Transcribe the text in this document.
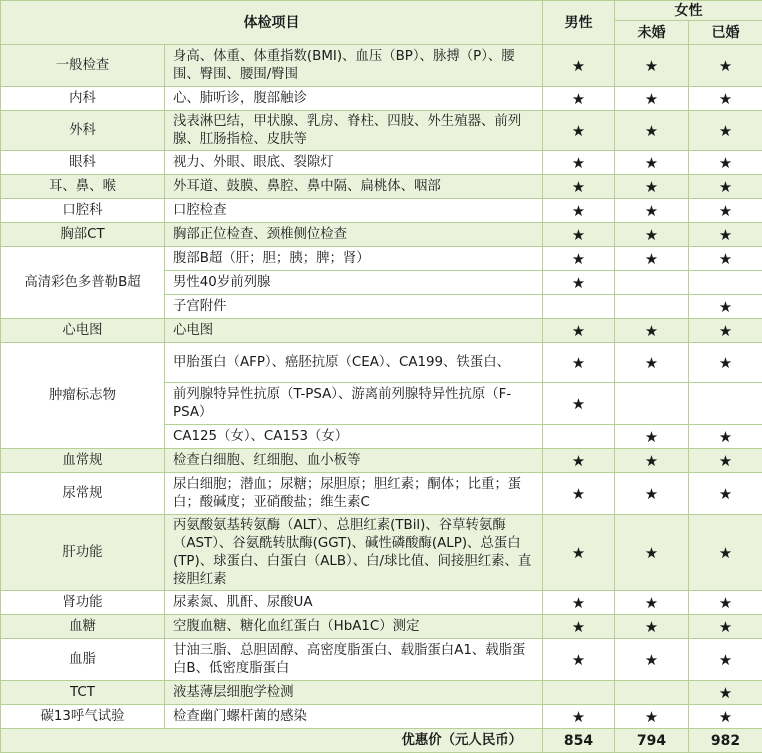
体检项目		男性	女性	
			未婚	已婚
一般检查	身高、体重、体重指数(BMI)、血压（BP）、脉搏（P）、腰围、臀围、腰围/臀围	★	★	★
内科	心、肺听诊，腹部触诊	★	★	★
外科	浅表淋巴结，甲状腺、乳房、脊柱、四肢、外生殖器、前列腺、肛肠指检、皮肤等	★	★	★
眼科	视力、外眼、眼底、裂隙灯	★	★	★
耳、鼻、喉	外耳道、鼓膜、鼻腔、鼻中隔、扁桃体、咽部	★	★	★
口腔科	口腔检查	★	★	★
胸部CT	胸部正位检查、颈椎侧位检查	★	★	★
高清彩色多普勒B超	腹部B超（肝；胆；胰；脾；肾）	★	★	★
	男性40岁前列腺	★		
	子宫附件			★
心电图	心电图	★	★	★
肿瘤标志物	甲胎蛋白（AFP）、癌胚抗原（CEA）、CA199、铁蛋白、	★	★	★
	前列腺特异性抗原（T-PSA）、游离前列腺特异性抗原（F-PSA）	★		
	CA125（女）、CA153（女）		★	★
血常规	检查白细胞、红细胞、血小板等	★	★	★
尿常规	尿白细胞；潜血；尿糖；尿胆原；胆红素；酮体；比重；蛋白；酸碱度；亚硝酸盐；维生素C	★	★	★
肝功能	丙氨酸氨基转氨酶（ALT）、总胆红素(TBil)、谷草转氨酶（AST）、谷氨酰转肽酶(GGT)、碱性磷酸酶(ALP)、总蛋白(TP)、球蛋白、白蛋白（ALB）、白/球比值、间接胆红素、直接胆红素	★	★	★
肾功能	尿素氮、肌酐、尿酸UA	★	★	★
血糖	空腹血糖、糖化血红蛋白（HbA1C）测定	★	★	★
血脂	甘油三脂、总胆固醇、高密度脂蛋白、载脂蛋白A1、载脂蛋白B、低密度脂蛋白	★	★	★
TCT	液基薄层细胞学检测			★
碳13呼气试验	检查幽门螺杆菌的感染	★	★	★
优惠价（元人民币）		854	794	982
